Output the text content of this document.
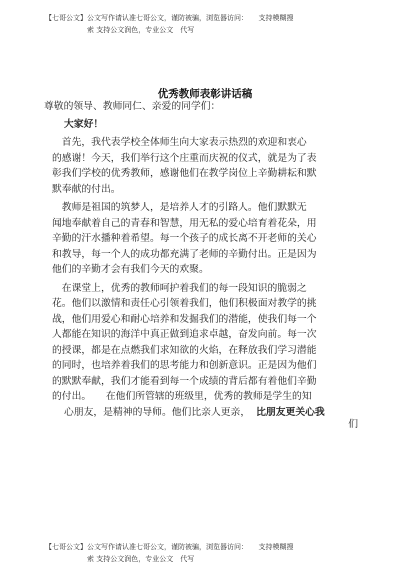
【七哥公文】公文写作请认准七哥公文，谨防被骗，浏览器访问：　　支持模糊搜
索 支持公文润色，专业公文　代写
优秀教师表彰讲话稿
尊敬的领导、教师同仁、亲爱的同学们：
大家好！
　首先，我代表学校全体师生向大家表示热烈的欢迎和衷心
的感谢！今天，我们举行这个庄重而庆祝的仪式，就是为了表
彰我们学校的优秀教师，感谢他们在教学岗位上辛勤耕耘和默
默奉献的付出。
　教师是祖国的筑梦人，是培养人才的引路人。他们默默无
闻地奉献着自己的青春和智慧，用无私的爱心培育着花朵，用
辛勤的汗水播种着希望。每一个孩子的成长离不开老师的关心
和教导，每一个人的成功都充满了老师的辛勤付出。正是因为
他们的辛勤才会有我们今天的欢聚。
　在课堂上，优秀的教师呵护着我们的每一段知识的脆弱之
花。他们以激情和责任心引领着我们，他们积极面对教学的挑
战，他们用爱心和耐心培养和发掘我们的潜能，使我们每一个
人都能在知识的海洋中真正做到追求卓越，奋发向前。每一次
的授课，都是在点燃我们求知欲的火焰，在释放我们学习潜能
的同时，也培养着我们的思考能力和创新意识。正是因为他们
的默默奉献，我们才能看到每一个成绩的背后都有着他们辛勤
的付出。　　在他们所管辖的班级里，优秀的教师是学生的知
心朋友，是精神的导师。他们比亲人更亲， 比朋友更关心我
们
【七哥公文】公文写作请认准七哥公文，谨防被骗，浏览器访问：　　支持模糊搜
索 支持公文润色，专业公文　代写
